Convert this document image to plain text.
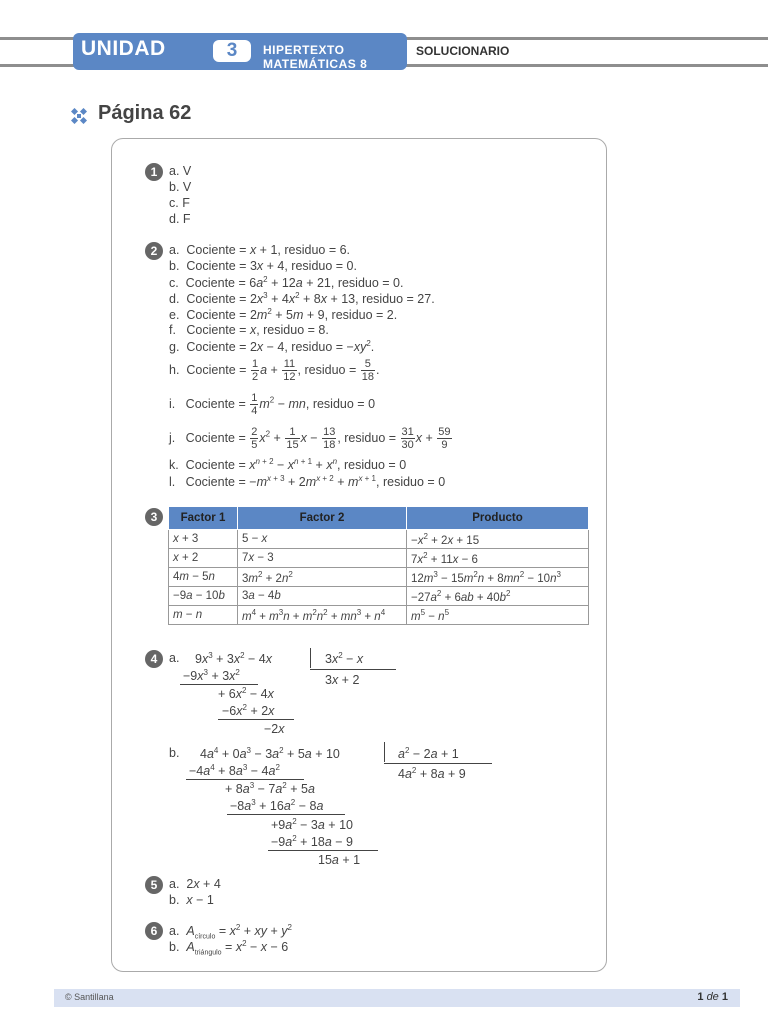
UNIDAD	3	HIPERTEXTO MATEMÁTICAS 8
SOLUCIONARIO
Página 62
1 a. V
b. V
c. F
d. F
2 a.  Cociente = x + 1, residuo = 6.
b.  Cociente = 3x + 4, residuo = 0.
c.  Cociente = $6a^2 + 12a + 21$, residuo = 0.
d.  Cociente = $2x^3 + 4x^2 + 8x + 13$, residuo = 27.
e.  Cociente = $2m^2 + 5m + 9$, residuo = 2.
f.   Cociente = x, residuo = 8.
g.  Cociente = 2x − 4, residuo = $-xy^2$.
h.  Cociente = $\frac{1}{2}$ $a + \frac{11}{12}$ , residuo = $\frac{5}{18}$ .
i.   Cociente = $\frac{1}{4} m^2$ − mn, residuo = 0
j.   Cociente = $\frac{2}{5} x^2 + \frac{1}{15}$ $x - \frac{13}{18}$ , residuo = $\frac{31}{30}$ $x + \frac{59}{9}$
k.  Cociente = $x^{n + 2} - x^{n + 1} + x^n$, residuo = 0
l.   Cociente = $-m^{x + 3} + 2m^{x + 2} + m^{x + 1}$, residuo = 0
3	Factor 1	Factor 2	Producto
x + 3	5 − x	$-x^2 + 2x + 15$
x + 2	7x − 3	$7x^2 + 11x - 6$
4m − 5n	$3m^2 + 2n^2$	$12m^3 - 15m^2n + 8mn^2 - 10n^3$
−9a − 10b	3a − 4b	$-27a^2 + 6ab + 40b^2$
m − n	$m^4 + m^3n + m^2n^2 + mn^3 + n^4$	$m^5 - n^5$
4 a. $9x^3 + 3x^2 - 4x$	$3x^2 - x$
3x + 2
$-9x^3 + 3x^2$
+ $6x^2 - 4x$
$-6x^2 + 2x$
−2x
b. $4a^4 + 0a^3 - 3a^2 + 5a + 10$	$a^2 - 2a + 1$
$4a^2 + 8a + 9$
$-4a^4 + 8a^3 - 4a^2$
+ $8a^3 - 7a^2 + 5a$
$-8a^3 + 16a^2 - 8a$
$+9a^2 - 3a + 10$
$-9a^2 + 18a - 9$
15a + 1
5 a.  2x + 4
b.  x − 1
6 a.  $A_{círculo} = x^2$ + xy + $y^2$
b.  $A_{triángulo} = x^2 - x - 6$
© Santillana	1 de 1
